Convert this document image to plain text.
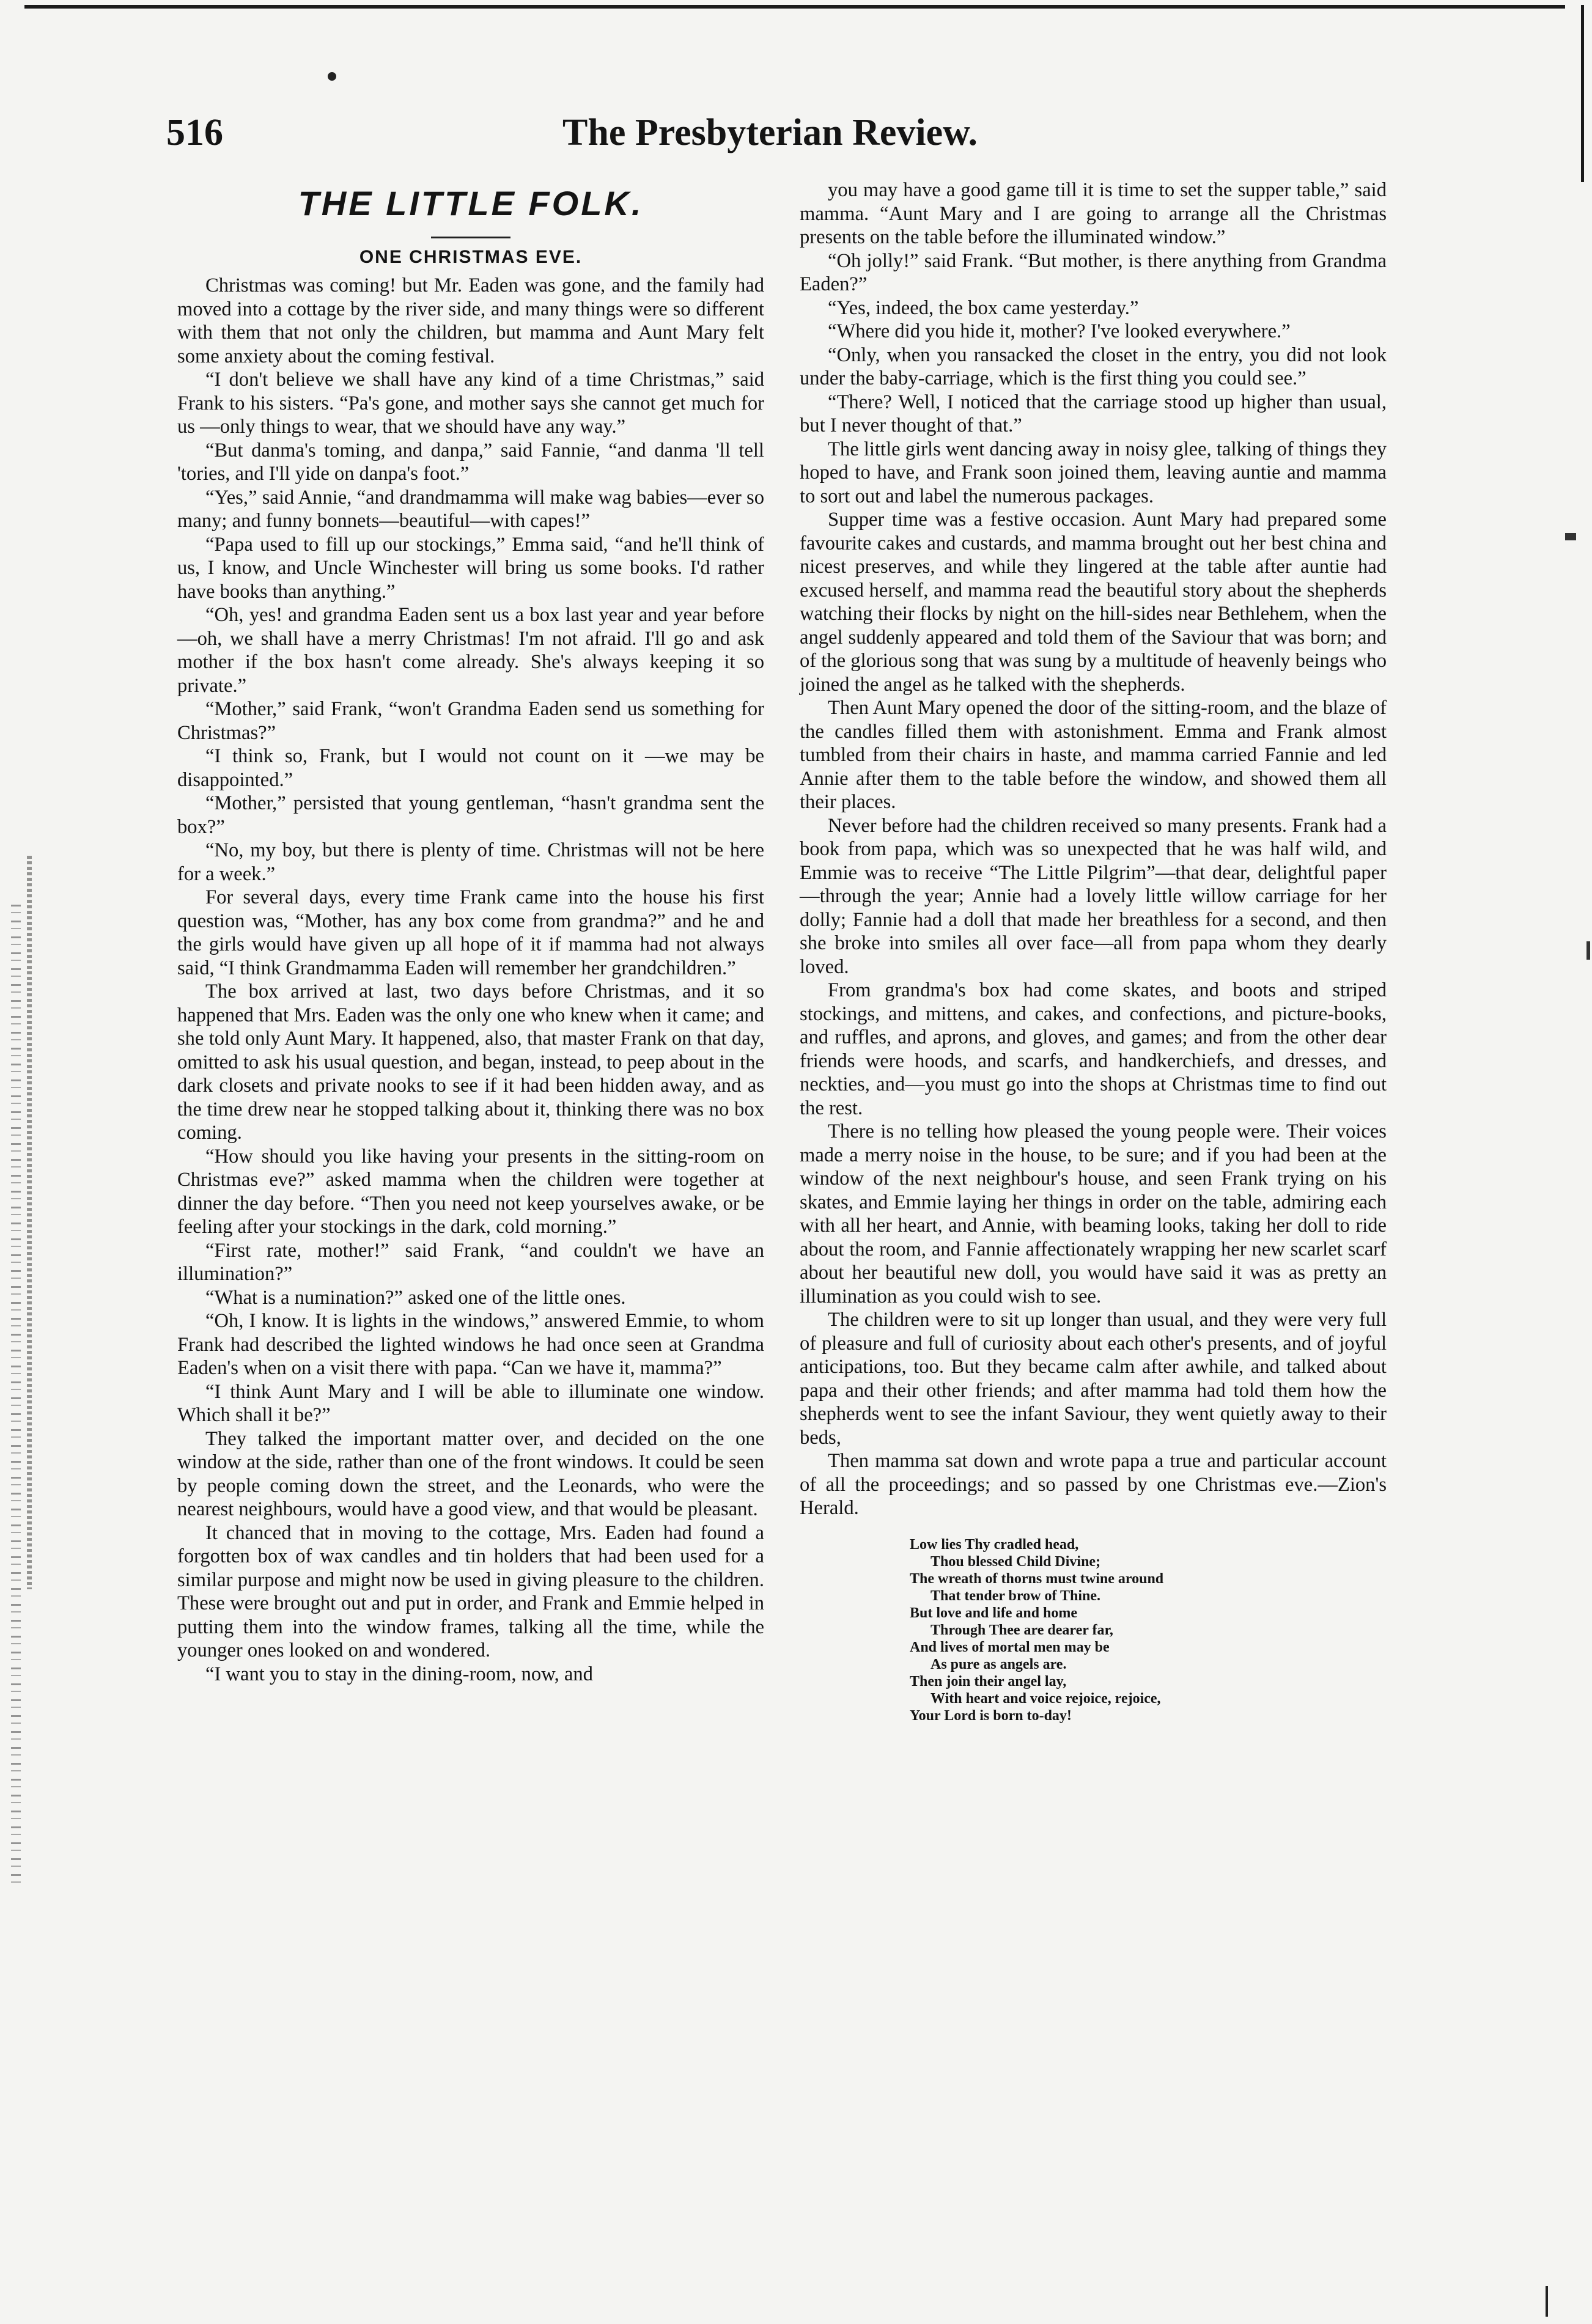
516	The Presbyterian Review.
THE LITTLE FOLK.
ONE CHRISTMAS EVE.

Christmas was coming! but Mr. Eaden was gone, and the family had moved into a cottage by the river side, and many things were so different with them that not only the children, but mamma and Aunt Mary felt some anxiety about the coming festival.

“I don't believe we shall have any kind of a time Christmas,” said Frank to his sisters. “Pa's gone, and mother says she cannot get much for us —only things to wear, that we should have any way.”

“But danma's toming, and danpa,” said Fannie, “and danma 'll tell 'tories, and I'll yide on danpa's foot.”

“Yes,” said Annie, “and drandmamma will make wag babies—ever so many; and funny bonnets—beautiful—with capes!”

“Papa used to fill up our stockings,” Emma said, “and he'll think of us, I know, and Uncle Winchester will bring us some books. I'd rather have books than anything.”

“Oh, yes! and grandma Eaden sent us a box last year and year before—oh, we shall have a merry Christmas! I'm not afraid. I'll go and ask mother if the box hasn't come already. She's always keeping it so private.”

“Mother,” said Frank, “won't Grandma Eaden send us something for Christmas?”

“I think so, Frank, but I would not count on it —we may be disappointed.”

“Mother,” persisted that young gentleman, “hasn't grandma sent the box?”

“No, my boy, but there is plenty of time. Christmas will not be here for a week.”

For several days, every time Frank came into the house his first question was, “Mother, has any box come from grandma?” and he and the girls would have given up all hope of it if mamma had not always said, “I think Grandmamma Eaden will remember her grandchildren.”

The box arrived at last, two days before Christmas, and it so happened that Mrs. Eaden was the only one who knew when it came; and she told only Aunt Mary. It happened, also, that master Frank on that day, omitted to ask his usual question, and began, instead, to peep about in the dark closets and private nooks to see if it had been hidden away, and as the time drew near he stopped talking about it, thinking there was no box coming.

“How should you like having your presents in the sitting-room on Christmas eve?” asked mamma when the children were together at dinner the day before. “Then you need not keep yourselves awake, or be feeling after your stockings in the dark, cold morning.”

“First rate, mother!” said Frank, “and couldn't we have an illumination?”

“What is a numination?” asked one of the little ones.

“Oh, I know. It is lights in the windows,” answered Emmie, to whom Frank had described the lighted windows he had once seen at Grandma Eaden's when on a visit there with papa. “Can we have it, mamma?”

“I think Aunt Mary and I will be able to illuminate one window. Which shall it be?”

They talked the important matter over, and decided on the one window at the side, rather than one of the front windows. It could be seen by people coming down the street, and the Leonards, who were the nearest neighbours, would have a good view, and that would be pleasant.

It chanced that in moving to the cottage, Mrs. Eaden had found a forgotten box of wax candles and tin holders that had been used for a similar purpose and might now be used in giving pleasure to the children. These were brought out and put in order, and Frank and Emmie helped in putting them into the window frames, talking all the time, while the younger ones looked on and wondered.

“I want you to stay in the dining-room, now, and

you may have a good game till it is time to set the supper table,” said mamma. “Aunt Mary and I are going to arrange all the Christmas presents on the table before the illuminated window.”

“Oh jolly!” said Frank. “But mother, is there anything from Grandma Eaden?”

“Yes, indeed, the box came yesterday.”

“Where did you hide it, mother? I've looked everywhere.”

“Only, when you ransacked the closet in the entry, you did not look under the baby-carriage, which is the first thing you could see.”

“There? Well, I noticed that the carriage stood up higher than usual, but I never thought of that.”

The little girls went dancing away in noisy glee, talking of things they hoped to have, and Frank soon joined them, leaving auntie and mamma to sort out and label the numerous packages.

Supper time was a festive occasion. Aunt Mary had prepared some favourite cakes and custards, and mamma brought out her best china and nicest preserves, and while they lingered at the table after auntie had excused herself, and mamma read the beautiful story about the shepherds watching their flocks by night on the hill-sides near Bethlehem, when the angel suddenly appeared and told them of the Saviour that was born; and of the glorious song that was sung by a multitude of heavenly beings who joined the angel as he talked with the shepherds.

Then Aunt Mary opened the door of the sitting-room, and the blaze of the candles filled them with astonishment. Emma and Frank almost tumbled from their chairs in haste, and mamma carried Fannie and led Annie after them to the table before the window, and showed them all their places.

Never before had the children received so many presents. Frank had a book from papa, which was so unexpected that he was half wild, and Emmie was to receive “The Little Pilgrim”—that dear, delightful paper—through the year; Annie had a lovely little willow carriage for her dolly; Fannie had a doll that made her breathless for a second, and then she broke into smiles all over face—all from papa whom they dearly loved.

From grandma's box had come skates, and boots and striped stockings, and mittens, and cakes, and confections, and picture-books, and ruffles, and aprons, and gloves, and games; and from the other dear friends were hoods, and scarfs, and handkerchiefs, and dresses, and neckties, and—you must go into the shops at Christmas time to find out the rest.

There is no telling how pleased the young people were. Their voices made a merry noise in the house, to be sure; and if you had been at the window of the next neighbour's house, and seen Frank trying on his skates, and Emmie laying her things in order on the table, admiring each with all her heart, and Annie, with beaming looks, taking her doll to ride about the room, and Fannie affectionately wrapping her new scarlet scarf about her beautiful new doll, you would have said it was as pretty an illumination as you could wish to see.

The children were to sit up longer than usual, and they were very full of pleasure and full of curiosity about each other's presents, and of joyful anticipations, too. But they became calm after awhile, and talked about papa and their other friends; and after mamma had told them how the shepherds went to see the infant Saviour, they went quietly away to their beds,

Then mamma sat down and wrote papa a true and particular account of all the proceedings; and so passed by one Christmas eve.—Zion's Herald.

Low lies Thy cradled head,
Thou blessed Child Divine;
The wreath of thorns must twine around
That tender brow of Thine.
But love and life and home
Through Thee are dearer far,
And lives of mortal men may be
As pure as angels are.
Then join their angel lay,
With heart and voice rejoice, rejoice,
Your Lord is born to-day!
